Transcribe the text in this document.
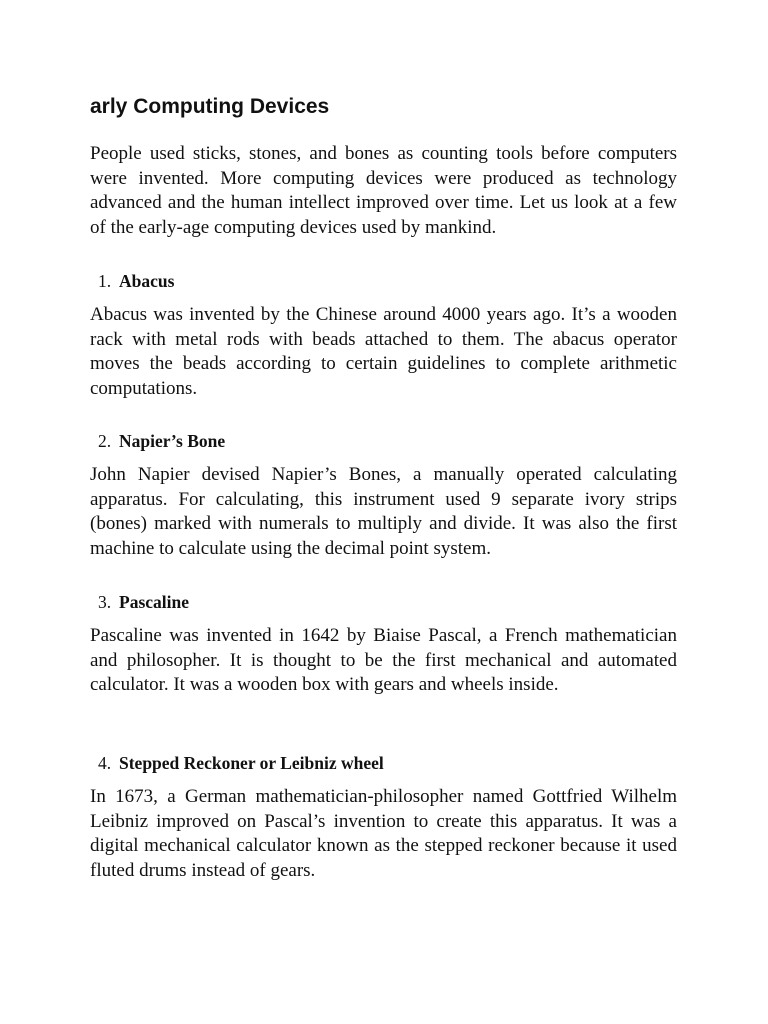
arly Computing Devices

People used sticks, stones, and bones as counting tools before computers were invented. More computing devices were produced as technology advanced and the human intellect improved over time. Let us look at a few of the early-age computing devices used by mankind.

1. Abacus

Abacus was invented by the Chinese around 4000 years ago. It’s a wooden rack with metal rods with beads attached to them. The abacus operator moves the beads according to certain guidelines to complete arithmetic computations.

2. Napier’s Bone

John Napier devised Napier’s Bones, a manually operated calculating apparatus. For calculating, this instrument used 9 separate ivory strips (bones) marked with numerals to multiply and divide. It was also the first machine to calculate using the decimal point system.

3. Pascaline

Pascaline was invented in 1642 by Biaise Pascal, a French mathematician and philosopher. It is thought to be the first mechanical and automated calculator. It was a wooden box with gears and wheels inside.

4. Stepped Reckoner or Leibniz wheel

In 1673, a German mathematician-philosopher named Gottfried Wilhelm Leibniz improved on Pascal’s invention to create this apparatus. It was a digital mechanical calculator known as the stepped reckoner because it used fluted drums instead of gears.
